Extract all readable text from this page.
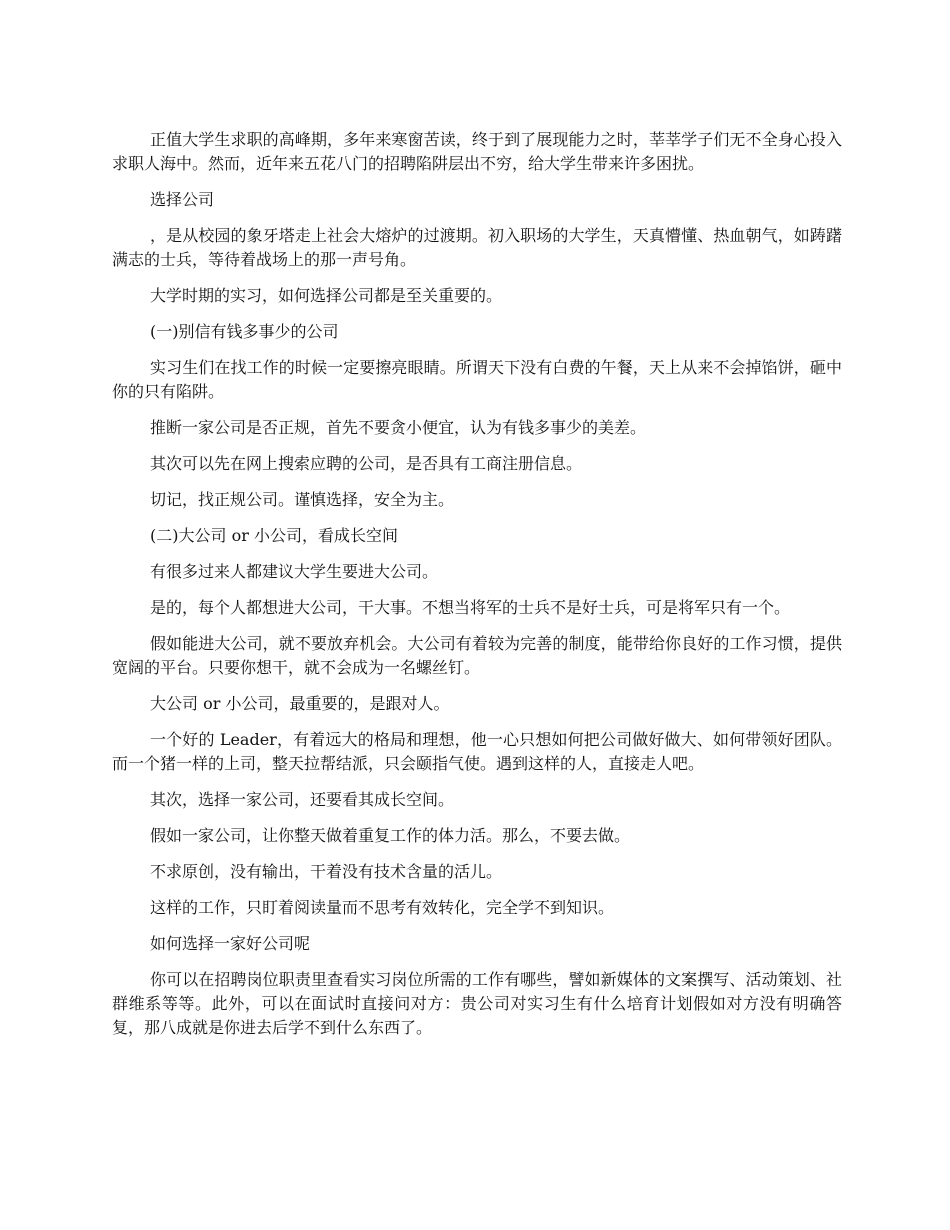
正值大学生求职的高峰期，多年来寒窗苦读，终于到了展现能力之时，莘莘学子们无不全身心投入求职人海中。然而，近年来五花八门的招聘陷阱层出不穷，给大学生带来许多困扰。

选择公司

，是从校园的象牙塔走上社会大熔炉的过渡期。初入职场的大学生，天真懵懂、热血朝气，如踌躇满志的士兵，等待着战场上的那一声号角。

大学时期的实习，如何选择公司都是至关重要的。

(一)别信有钱多事少的公司

实习生们在找工作的时候一定要擦亮眼睛。所谓天下没有白费的午餐，天上从来不会掉馅饼，砸中你的只有陷阱。

推断一家公司是否正规，首先不要贪小便宜，认为有钱多事少的美差。

其次可以先在网上搜索应聘的公司，是否具有工商注册信息。

切记，找正规公司。谨慎选择，安全为主。

(二)大公司 or 小公司，看成长空间

有很多过来人都建议大学生要进大公司。

是的，每个人都想进大公司，干大事。不想当将军的士兵不是好士兵，可是将军只有一个。

假如能进大公司，就不要放弃机会。大公司有着较为完善的制度，能带给你良好的工作习惯，提供宽阔的平台。只要你想干，就不会成为一名螺丝钉。

大公司 or 小公司，最重要的，是跟对人。

一个好的 Leader，有着远大的格局和理想，他一心只想如何把公司做好做大、如何带领好团队。而一个猪一样的上司，整天拉帮结派，只会颐指气使。遇到这样的人，直接走人吧。

其次，选择一家公司，还要看其成长空间。

假如一家公司，让你整天做着重复工作的体力活。那么，不要去做。

不求原创，没有输出，干着没有技术含量的活儿。

这样的工作，只盯着阅读量而不思考有效转化，完全学不到知识。

如何选择一家好公司呢

你可以在招聘岗位职责里查看实习岗位所需的工作有哪些，譬如新媒体的文案撰写、活动策划、社群维系等等。此外，可以在面试时直接问对方：贵公司对实习生有什么培育计划假如对方没有明确答复，那八成就是你进去后学不到什么东西了。
